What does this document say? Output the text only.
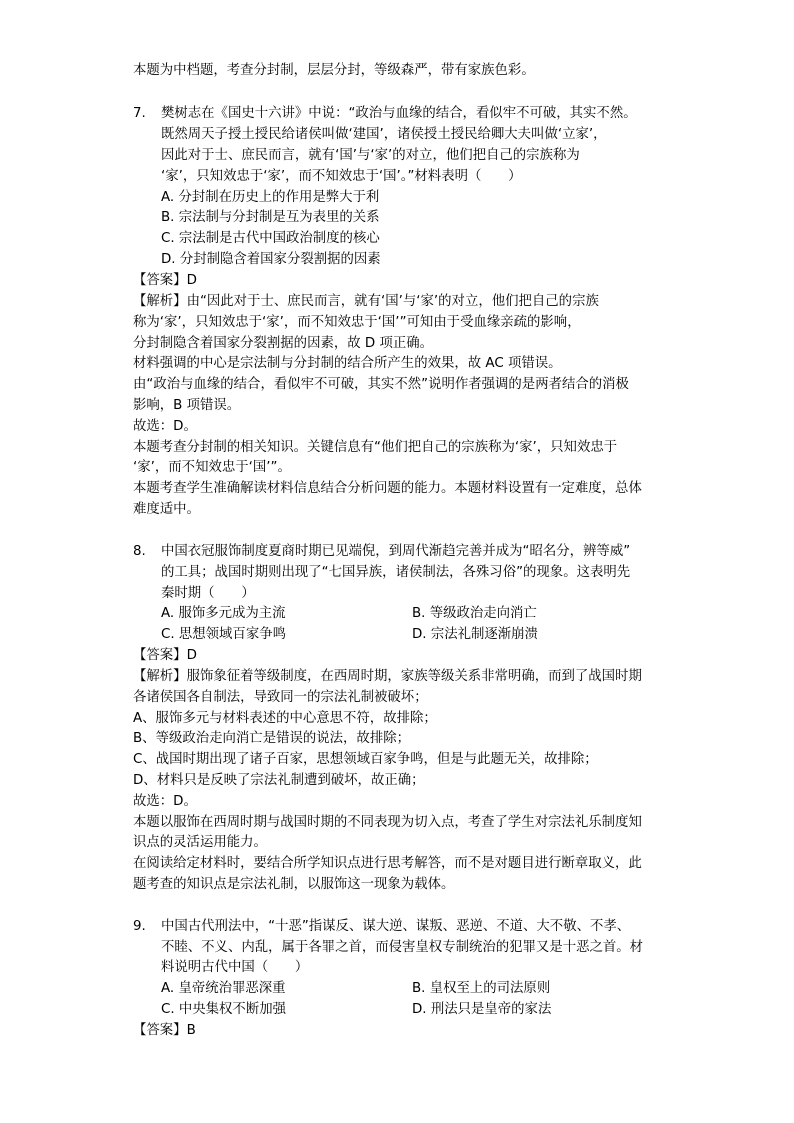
本题为中档题，考查分封制，层层分封，等级森严，带有家族色彩。
7. 樊树志在《国史十六讲》中说：“政治与血缘的结合，看似牢不可破，其实不然。
既然周天子授土授民给诸侯叫做‘建国’，诸侯授土授民给卿大夫叫做‘立家’，
因此对于士、庶民而言，就有‘国’与‘家’的对立，他们把自己的宗族称为
‘家’，只知效忠于‘家’，而不知效忠于‘国’。”材料表明（　　）
A. 分封制在历史上的作用是弊大于利
B. 宗法制与分封制是互为表里的关系
C. 宗法制是古代中国政治制度的核心
D. 分封制隐含着国家分裂割据的因素
【答案】D
【解析】由“因此对于士、庶民而言，就有‘国’与‘家’的对立，他们把自己的宗族
称为‘家’，只知效忠于‘家’，而不知效忠于‘国’”可知由于受血缘亲疏的影响，
分封制隐含着国家分裂割据的因素，故 D 项正确。
材料强调的中心是宗法制与分封制的结合所产生的效果，故 AC 项错误。
由“政治与血缘的结合，看似牢不可破，其实不然”说明作者强调的是两者结合的消极
影响，B 项错误。
故选：D。
本题考查分封制的相关知识。关键信息有“他们把自己的宗族称为‘家’，只知效忠于
‘家’，而不知效忠于‘国’”。
本题考查学生准确解读材料信息结合分析问题的能力。本题材料设置有一定难度，总体
难度适中。
8. 中国衣冠服饰制度夏商时期已见端倪，到周代渐趋完善并成为“昭名分，辨等威”
的工具；战国时期则出现了“七国异族，诸侯制法，各殊习俗”的现象。这表明先
秦时期（　　）
A. 服饰多元成为主流	B. 等级政治走向消亡
C. 思想领域百家争鸣	D. 宗法礼制逐渐崩溃
【答案】D
【解析】服饰象征着等级制度，在西周时期，家族等级关系非常明确，而到了战国时期
各诸侯国各自制法，导致同一的宗法礼制被破坏；
A、服饰多元与材料表述的中心意思不符，故排除；
B、等级政治走向消亡是错误的说法，故排除；
C、战国时期出现了诸子百家，思想领域百家争鸣，但是与此题无关，故排除；
D、材料只是反映了宗法礼制遭到破坏，故正确；
故选：D。
本题以服饰在西周时期与战国时期的不同表现为切入点，考查了学生对宗法礼乐制度知
识点的灵活运用能力。
在阅读给定材料时，要结合所学知识点进行思考解答，而不是对题目进行断章取义，此
题考查的知识点是宗法礼制，以服饰这一现象为载体。
9. 中国古代刑法中，“十恶”指谋反、谋大逆、谋叛、恶逆、不道、大不敬、不孝、
不睦、不义、内乱，属于各罪之首，而侵害皇权专制统治的犯罪又是十恶之首。材
料说明古代中国（　　）
A. 皇帝统治罪恶深重	B. 皇权至上的司法原则
C. 中央集权不断加强	D. 刑法只是皇帝的家法
【答案】B
